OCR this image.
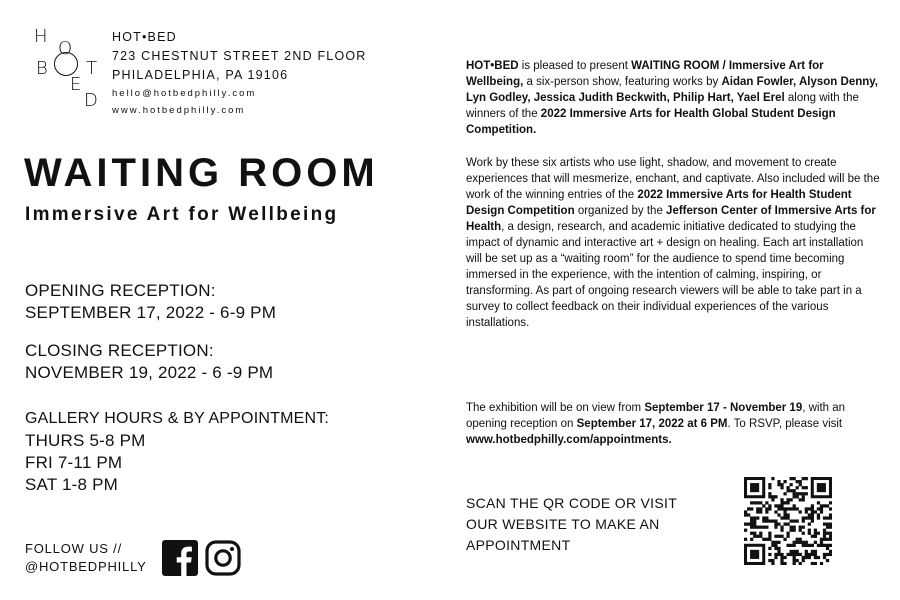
H
O
T
B
E
D
HOT•BED
723 CHESTNUT STREET 2ND FLOOR
PHILADELPHIA, PA 19106
hello@hotbedphilly.com
www.hotbedphilly.com
WAITING ROOM
Immersive Art for Wellbeing
OPENING RECEPTION:
SEPTEMBER 17, 2022 - 6-9 PM
CLOSING RECEPTION:
NOVEMBER 19, 2022 - 6 -9 PM
GALLERY HOURS & BY APPOINTMENT:
THURS 5-8 PM
FRI 7-11 PM
SAT 1-8 PM
FOLLOW US //
@HOTBEDPHILLY

HOT•BED is pleased to present WAITING ROOM / Immersive Art for Wellbeing, a six-person show, featuring works by Aidan Fowler, Alyson Denny, Lyn Godley, Jessica Judith Beckwith, Philip Hart, Yael Erel along with the winners of the 2022 Immersive Arts for Health Global Student Design Competition.

Work by these six artists who use light, shadow, and movement to create experiences that will mesmerize, enchant, and captivate. Also included will be the work of the winning entries of the 2022 Immersive Arts for Health Student Design Competition organized by the Jefferson Center of Immersive Arts for Health, a design, research, and academic initiative dedicated to studying the impact of dynamic and interactive art + design on healing. Each art installation will be set up as a “waiting room” for the audience to spend time becoming immersed in the experience, with the intention of calming, inspiring, or transforming. As part of ongoing research viewers will be able to take part in a survey to collect feedback on their individual experiences of the various installations.

The exhibition will be on view from September 17 - November 19, with an opening reception on September 17, 2022 at 6 PM. To RSVP, please visit www.hotbedphilly.com/appointments.

SCAN THE QR CODE OR VISIT
OUR WEBSITE TO MAKE AN
APPOINTMENT
